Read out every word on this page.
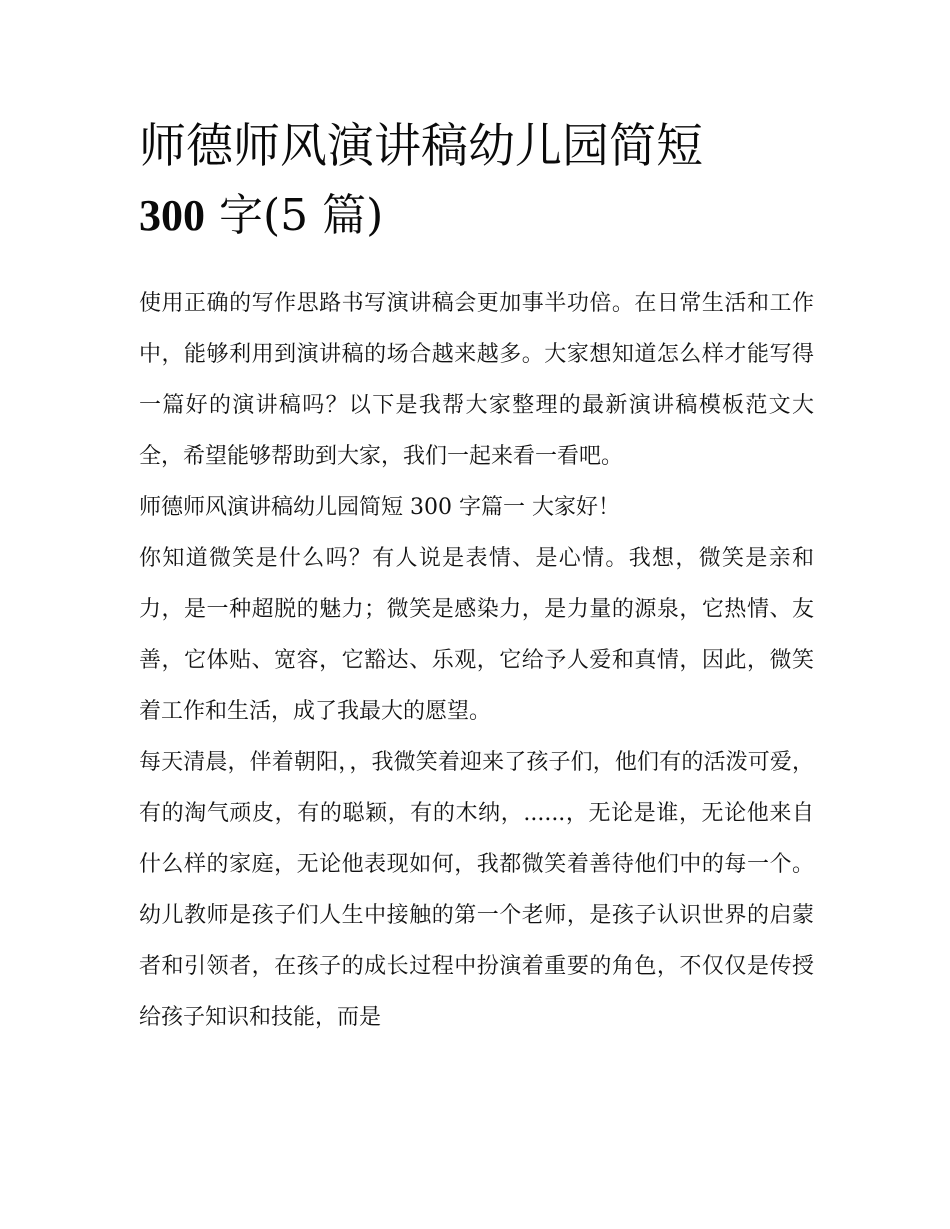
师德师风演讲稿幼儿园简短
300 字(5 篇)

使用正确的写作思路书写演讲稿会更加事半功倍。在日常生活和工作中，能够利用到演讲稿的场合越来越多。大家想知道怎么样才能写得一篇好的演讲稿吗？以下是我帮大家整理的最新演讲稿模板范文大全，希望能够帮助到大家，我们一起来看一看吧。

师德师风演讲稿幼儿园简短 300 字篇一 大家好！

你知道微笑是什么吗？有人说是表情、是心情。我想，微笑是亲和力，是一种超脱的魅力；微笑是感染力，是力量的源泉，它热情、友善，它体贴、宽容，它豁达、乐观，它给予人爱和真情，因此，微笑着工作和生活，成了我最大的愿望。

每天清晨，伴着朝阳，，我微笑着迎来了孩子们，他们有的活泼可爱，有的淘气顽皮，有的聪颖，有的木纳，......，无论是谁，无论他来自什么样的家庭，无论他表现如何，我都微笑着善待他们中的每一个。幼儿教师是孩子们人生中接触的第一个老师，是孩子认识世界的启蒙者和引领者，在孩子的成长过程中扮演着重要的角色，不仅仅是传授给孩子知识和技能，而是
